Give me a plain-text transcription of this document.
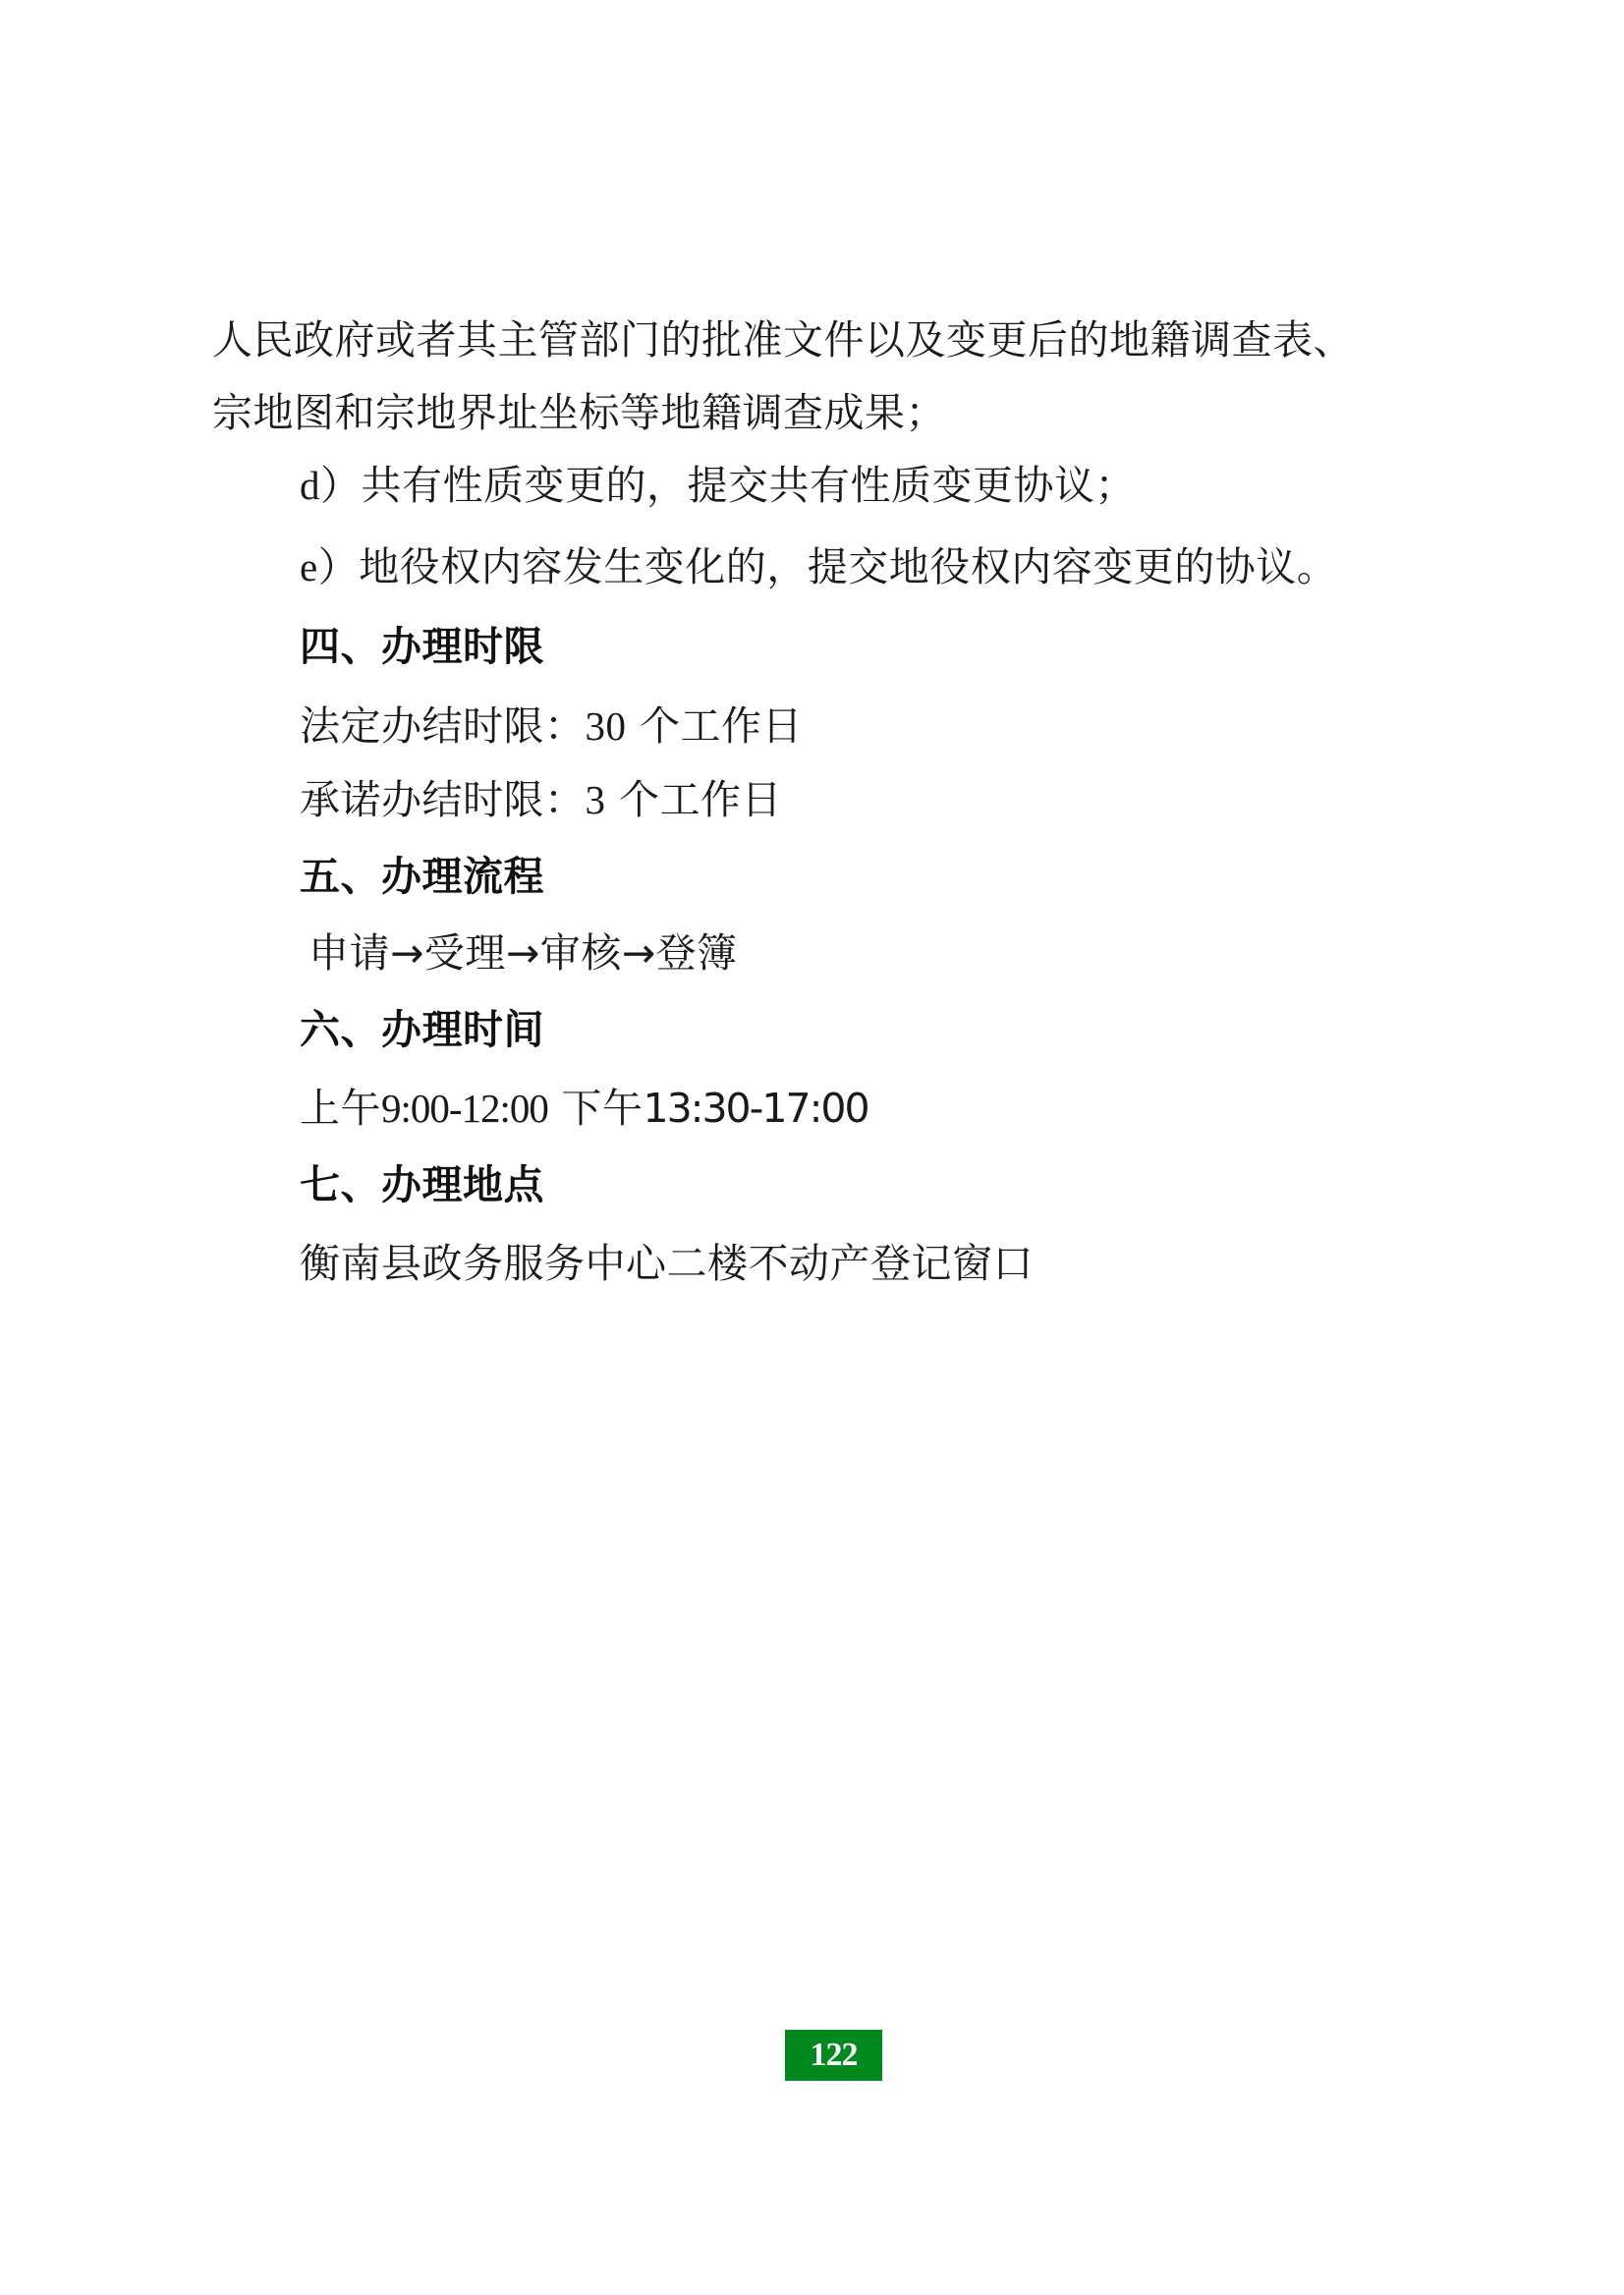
人民政府或者其主管部门的批准文件以及变更后的地籍调查表、
宗地图和宗地界址坐标等地籍调查成果；
d）共有性质变更的，提交共有性质变更协议；
e）地役权内容发生变化的，提交地役权内容变更的协议。
四、办理时限
法定办结时限：30 个工作日
承诺办结时限：3 个工作日
五、办理流程
申请→受理→审核→登簿
六、办理时间
上午9:00-12:00 下午13:30-17:00
七、办理地点
衡南县政务服务中心二楼不动产登记窗口
122
